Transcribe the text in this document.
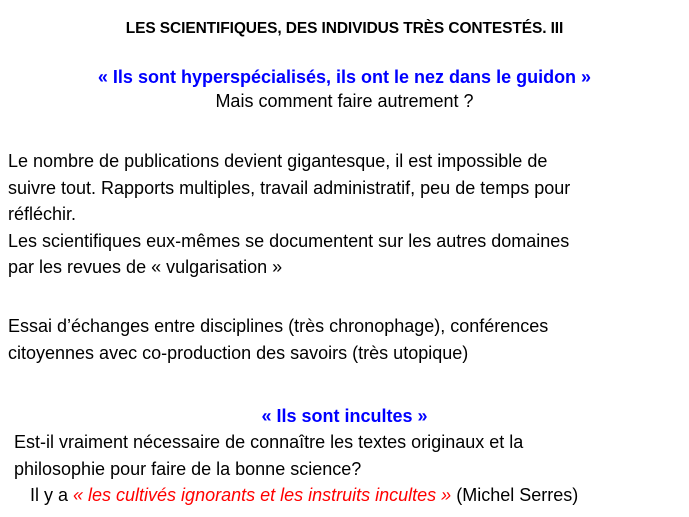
LES SCIENTIFIQUES, DES INDIVIDUS TRÈS CONTESTÉS. III
« Ils sont hyperspécialisés, ils ont le nez dans le guidon »
Mais comment faire autrement ?
Le nombre de publications devient gigantesque, il est impossible de
suivre tout. Rapports multiples, travail administratif, peu de temps pour
réfléchir.
Les scientifiques eux-mêmes se documentent sur les autres domaines
par les revues de « vulgarisation »
Essai d’échanges entre disciplines (très chronophage), conférences
citoyennes avec co-production des savoirs (très utopique)
« Ils sont incultes »
Est-il vraiment nécessaire de connaître les textes originaux et la
philosophie pour faire de la bonne science?
Il y a « les cultivés ignorants et les instruits incultes » (Michel Serres)
